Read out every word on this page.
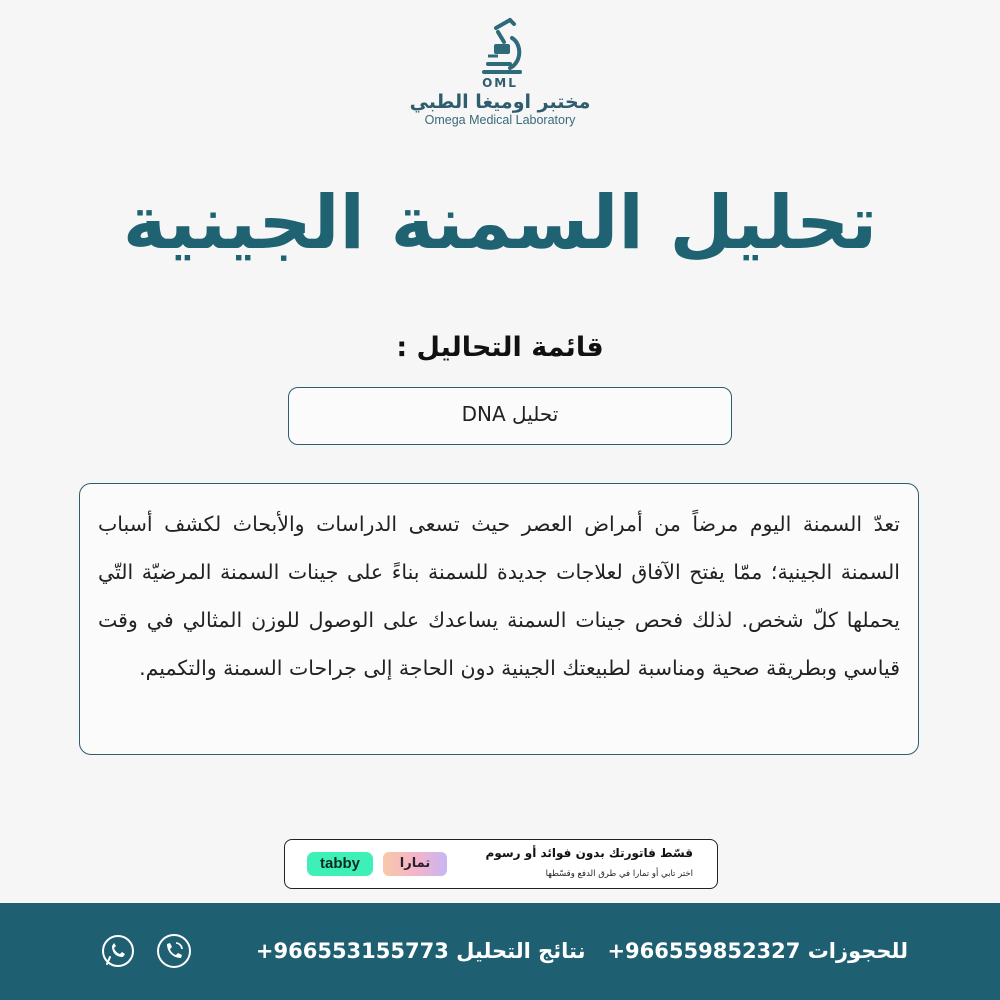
OML
مختبر اوميغا الطبي
Omega Medical Laboratory
تحليل السمنة الجينية
قائمة التحاليل :
تحليل DNA

تعدّ السمنة اليوم مرضاً من أمراض العصر حيث تسعى الدراسات والأبحاث لكشف أسباب السمنة الجينية؛ ممّا يفتح الآفاق لعلاجات جديدة للسمنة بناءً على جينات السمنة المرضيّة التّي يحملها كلّ شخص. لذلك فحص جينات السمنة يساعدك على الوصول للوزن المثالي في وقت قياسي وبطريقة صحية ومناسبة لطبيعتك الجينية دون الحاجة إلى جراحات السمنة والتكميم.

tabby	تمارا
قسّط فاتورتك بدون فوائد أو رسوم
اختر تابي أو تمارا في طرق الدفع وقسّطها
للحجوزات +966559852327   نتائج التحليل +966553155773
